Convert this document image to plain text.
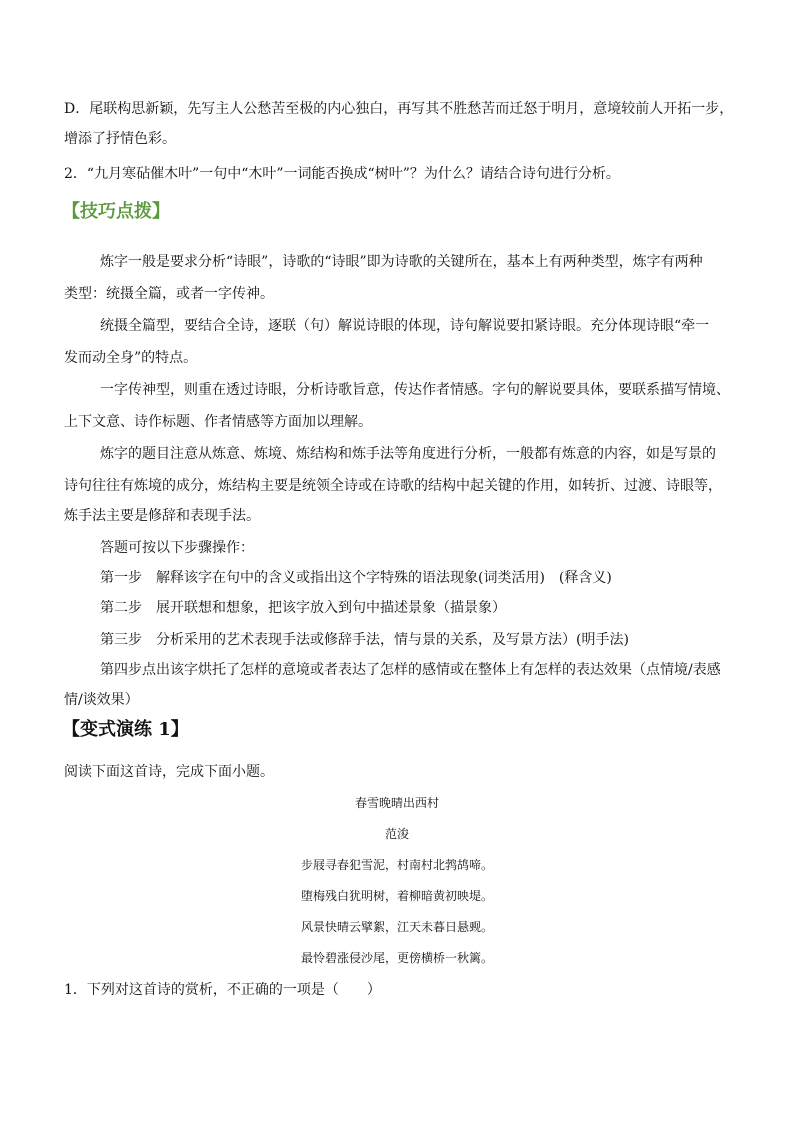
D．尾联构思新颖，先写主人公愁苦至极的内心独白，再写其不胜愁苦而迁怒于明月，意境较前人开拓一步，
增添了抒情色彩。
2．“九月寒砧催木叶”一句中“木叶”一词能否换成“树叶”？为什么？请结合诗句进行分析。
【技巧点拨】
炼字一般是要求分析“诗眼”，诗歌的“诗眼”即为诗歌的关键所在，基本上有两种类型，炼字有两种
类型：统摄全篇，或者一字传神。
统摄全篇型，要结合全诗，逐联（句）解说诗眼的体现，诗句解说要扣紧诗眼。充分体现诗眼“牵一
发而动全身”的特点。
一字传神型，则重在透过诗眼，分析诗歌旨意，传达作者情感。字句的解说要具体，要联系描写情境、
上下文意、诗作标题、作者情感等方面加以理解。
炼字的题目注意从炼意、炼境、炼结构和炼手法等角度进行分析，一般都有炼意的内容，如是写景的
诗句往往有炼境的成分，炼结构主要是统领全诗或在诗歌的结构中起关键的作用，如转折、过渡、诗眼等，
炼手法主要是修辞和表现手法。
答题可按以下步骤操作：
第一步　解释该字在句中的含义或指出这个字特殊的语法现象(词类活用)　(释含义)
第二步　展开联想和想象，把该字放入到句中描述景象（描景象）
第三步　分析采用的艺术表现手法或修辞手法，情与景的关系，及写景方法）(明手法)
第四步点出该字烘托了怎样的意境或者表达了怎样的感情或在整体上有怎样的表达效果（点情境/表感
情/谈效果）
【变式演练 1】
阅读下面这首诗，完成下面小题。
春雪晚晴出西村
范浚
步屐寻春犯雪泥，村南村北鹁鸪啼。
堕梅残白犹明树，着柳暗黄初映堤。
风景快晴云擘絮，江天未暮日悬觋。
最怜碧涨侵沙尾，更傍横桥一秋篱。
1．下列对这首诗的赏析，不正确的一项是（　　）
